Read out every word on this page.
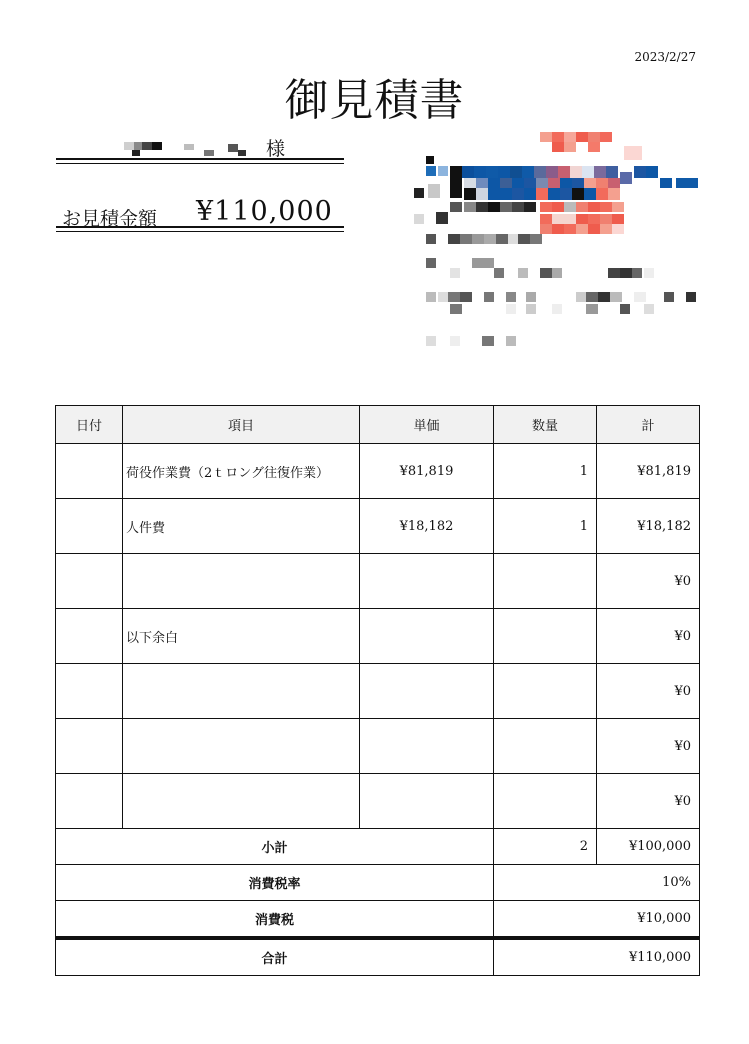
2023/2/27
御見積書
様
お見積金額 ¥110,000
日付	項目	単価	数量	計
	荷役作業費（2ｔロング往復作業）	¥81,819	1	¥81,819
	人件費	¥18,182	1	¥18,182
				¥0
	以下余白			¥0
				¥0
				¥0
				¥0
小計			2	¥100,000
消費税率			10%	
消費税			¥10,000	
合計			¥110,000	
